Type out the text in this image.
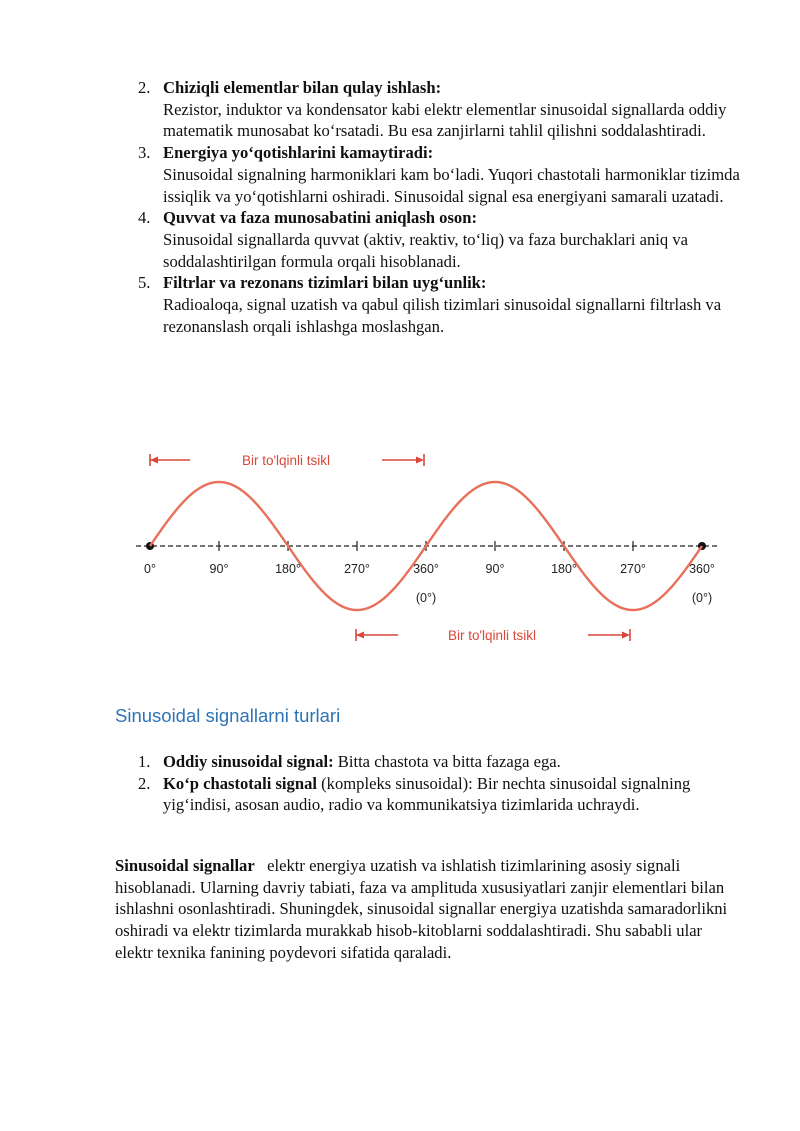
2. Chiziqli elementlar bilan qulay ishlash:
Rezistor, induktor va kondensator kabi elektr elementlar sinusoidal signallarda oddiy matematik munosabat ko‘rsatadi. Bu esa zanjirlarni tahlil qilishni soddalashtiradi.
3. Energiya yo‘qotishlarini kamaytiradi:
Sinusoidal signalning harmoniklari kam bo‘ladi. Yuqori chastotali harmoniklar tizimda issiqlik va yo‘qotishlarni oshiradi. Sinusoidal signal esa energiyani samarali uzatadi.
4. Quvvat va faza munosabatini aniqlash oson:
Sinusoidal signallarda quvvat (aktiv, reaktiv, to‘liq) va faza burchaklari aniq va soddalashtirilgan formula orqali hisoblanadi.
5. Filtrlar va rezonans tizimlari bilan uyg‘unlik:
Radioaloqa, signal uzatish va qabul qilish tizimlari sinusoidal signallarni filtrlash va rezonanslash orqali ishlashga moslashgan.
Bir to'lqinli tsikl
Bir to'lqinli tsikl
0°	90°	180°	270°	360°	90°	180°	270°	360°
(0°)	(0°)
Sinusoidal signallarni turlari
1. Oddiy sinusoidal signal: Bitta chastota va bitta fazaga ega.
2. Ko‘p chastotali signal (kompleks sinusoidal): Bir nechta sinusoidal signalning yig‘indisi, asosan audio, radio va kommunikatsiya tizimlarida uchraydi.

Sinusoidal signallar elektr energiya uzatish va ishlatish tizimlarining asosiy signali hisoblanadi. Ularning davriy tabiati, faza va amplituda xususiyatlari zanjir elementlari bilan ishlashni osonlashtiradi. Shuningdek, sinusoidal signallar energiya uzatishda samaradorlikni oshiradi va elektr tizimlarda murakkab hisob-kitoblarni soddalashtiradi. Shu sababli ular elektr texnika fanining poydevori sifatida qaraladi.
